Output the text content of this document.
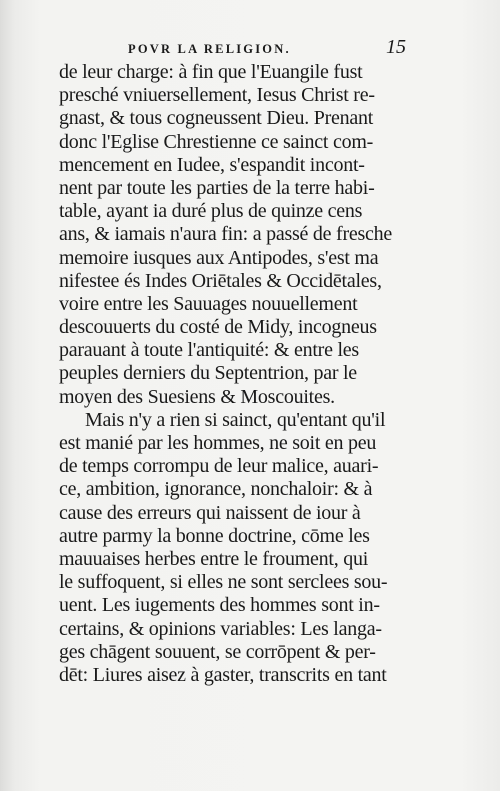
POVR LA RELIGION.	15
de leur charge: à fin que l'Euangile fust
presché vniuersellement, Iesus Christ re-
gnast, & tous cogneussent Dieu. Prenant
donc l'Eglise Chrestienne ce sainct com-
mencement en Iudee, s'espandit incont-
nent par toute les parties de la terre habi-
table, ayant ia duré plus de quinze cens
ans, & iamais n'aura fin: a passé de fresche
memoire iusques aux Antipodes, s'est ma
nifestee és Indes Oriētales & Occidētales,
voire entre les Sauuages nouuellement
descouuerts du costé de Midy, incogneus
parauant à toute l'antiquité: & entre les
peuples derniers du Septentrion, par le
moyen des Suesiens & Moscouites.
Mais n'y a rien si sainct, qu'entant qu'il
est manié par les hommes, ne soit en peu
de temps corrompu de leur malice, auari-
ce, ambition, ignorance, nonchaloir: & à
cause des erreurs qui naissent de iour à
autre parmy la bonne doctrine, cōme les
mauuaises herbes entre le froument, qui
le suffoquent, si elles ne sont serclees sou-
uent. Les iugements des hommes sont in-
certains, & opinions variables: Les langa-
ges chāgent souuent, se corrōpent & per-
dēt: Liures aisez à gaster, transcrits en tant
